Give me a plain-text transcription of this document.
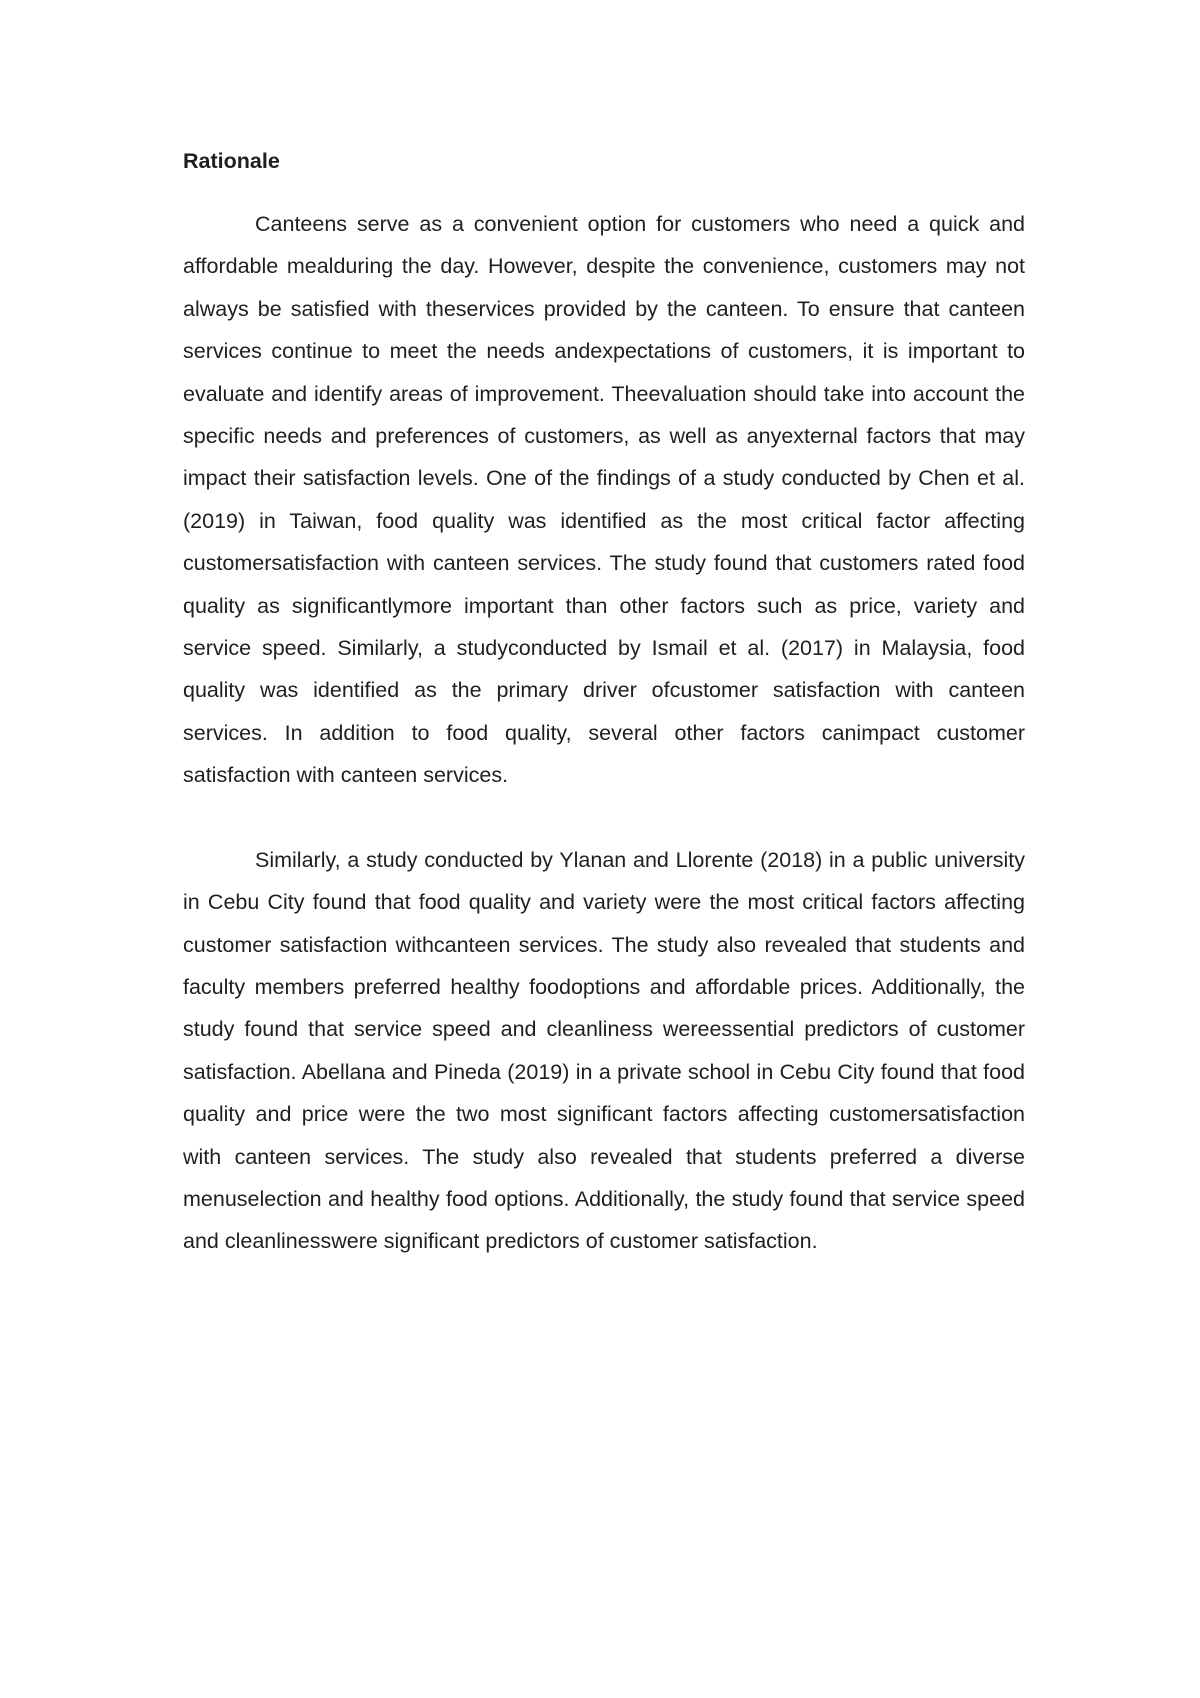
Rationale

Canteens serve as a convenient option for customers who need a quick and affordable mealduring the day. However, despite the convenience, customers may not always be satisfied with theservices provided by the canteen. To ensure that canteen services continue to meet the needs andexpectations of customers, it is important to evaluate and identify areas of improvement. Theevaluation should take into account the specific needs and preferences of customers, as well as anyexternal factors that may impact their satisfaction levels. One of the findings of a study conducted by Chen et al. (2019) in Taiwan, food quality was identified as the most critical factor affecting customersatisfaction with canteen services. The study found that customers rated food quality as significantlymore important than other factors such as price, variety and service speed. Similarly, a studyconducted by Ismail et al. (2017) in Malaysia, food quality was identified as the primary driver ofcustomer satisfaction with canteen services. In addition to food quality, several other factors canimpact customer satisfaction with canteen services.

Similarly, a study conducted by Ylanan and Llorente (2018) in a public university in Cebu City found that food quality and variety were the most critical factors affecting customer satisfaction withcanteen services. The study also revealed that students and faculty members preferred healthy foodoptions and affordable prices. Additionally, the study found that service speed and cleanliness wereessential predictors of customer satisfaction. Abellana and Pineda (2019) in a private school in Cebu City found that food quality and price were the two most significant factors affecting customersatisfaction with canteen services. The study also revealed that students preferred a diverse menuselection and healthy food options. Additionally, the study found that service speed and cleanlinesswere significant predictors of customer satisfaction.
